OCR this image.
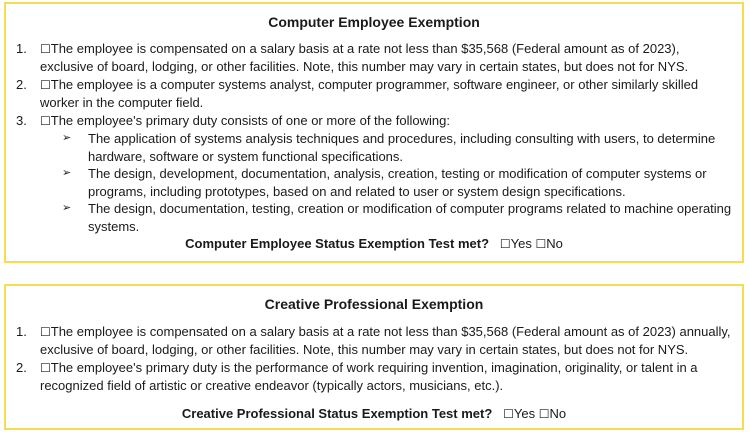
Computer Employee Exemption
1. ☐The employee is compensated on a salary basis at a rate not less than $35,568 (Federal amount as of 2023), exclusive of board, lodging, or other facilities. Note, this number may vary in certain states, but does not for NYS.
2. ☐The employee is a computer systems analyst, computer programmer, software engineer, or other similarly skilled worker in the computer field.
3. ☐The employee's primary duty consists of one or more of the following:
➢ The application of systems analysis techniques and procedures, including consulting with users, to determine hardware, software or system functional specifications.
➢ The design, development, documentation, analysis, creation, testing or modification of computer systems or programs, including prototypes, based on and related to user or system design specifications.
➢ The design, documentation, testing, creation or modification of computer programs related to machine operating systems.
Computer Employee Status Exemption Test met? ☐Yes ☐No
Creative Professional Exemption
1. ☐The employee is compensated on a salary basis at a rate not less than $35,568 (Federal amount as of 2023) annually, exclusive of board, lodging, or other facilities. Note, this number may vary in certain states, but does not for NYS.
2. ☐The employee's primary duty is the performance of work requiring invention, imagination, originality, or talent in a recognized field of artistic or creative endeavor (typically actors, musicians, etc.).
Creative Professional Status Exemption Test met? ☐Yes ☐No
